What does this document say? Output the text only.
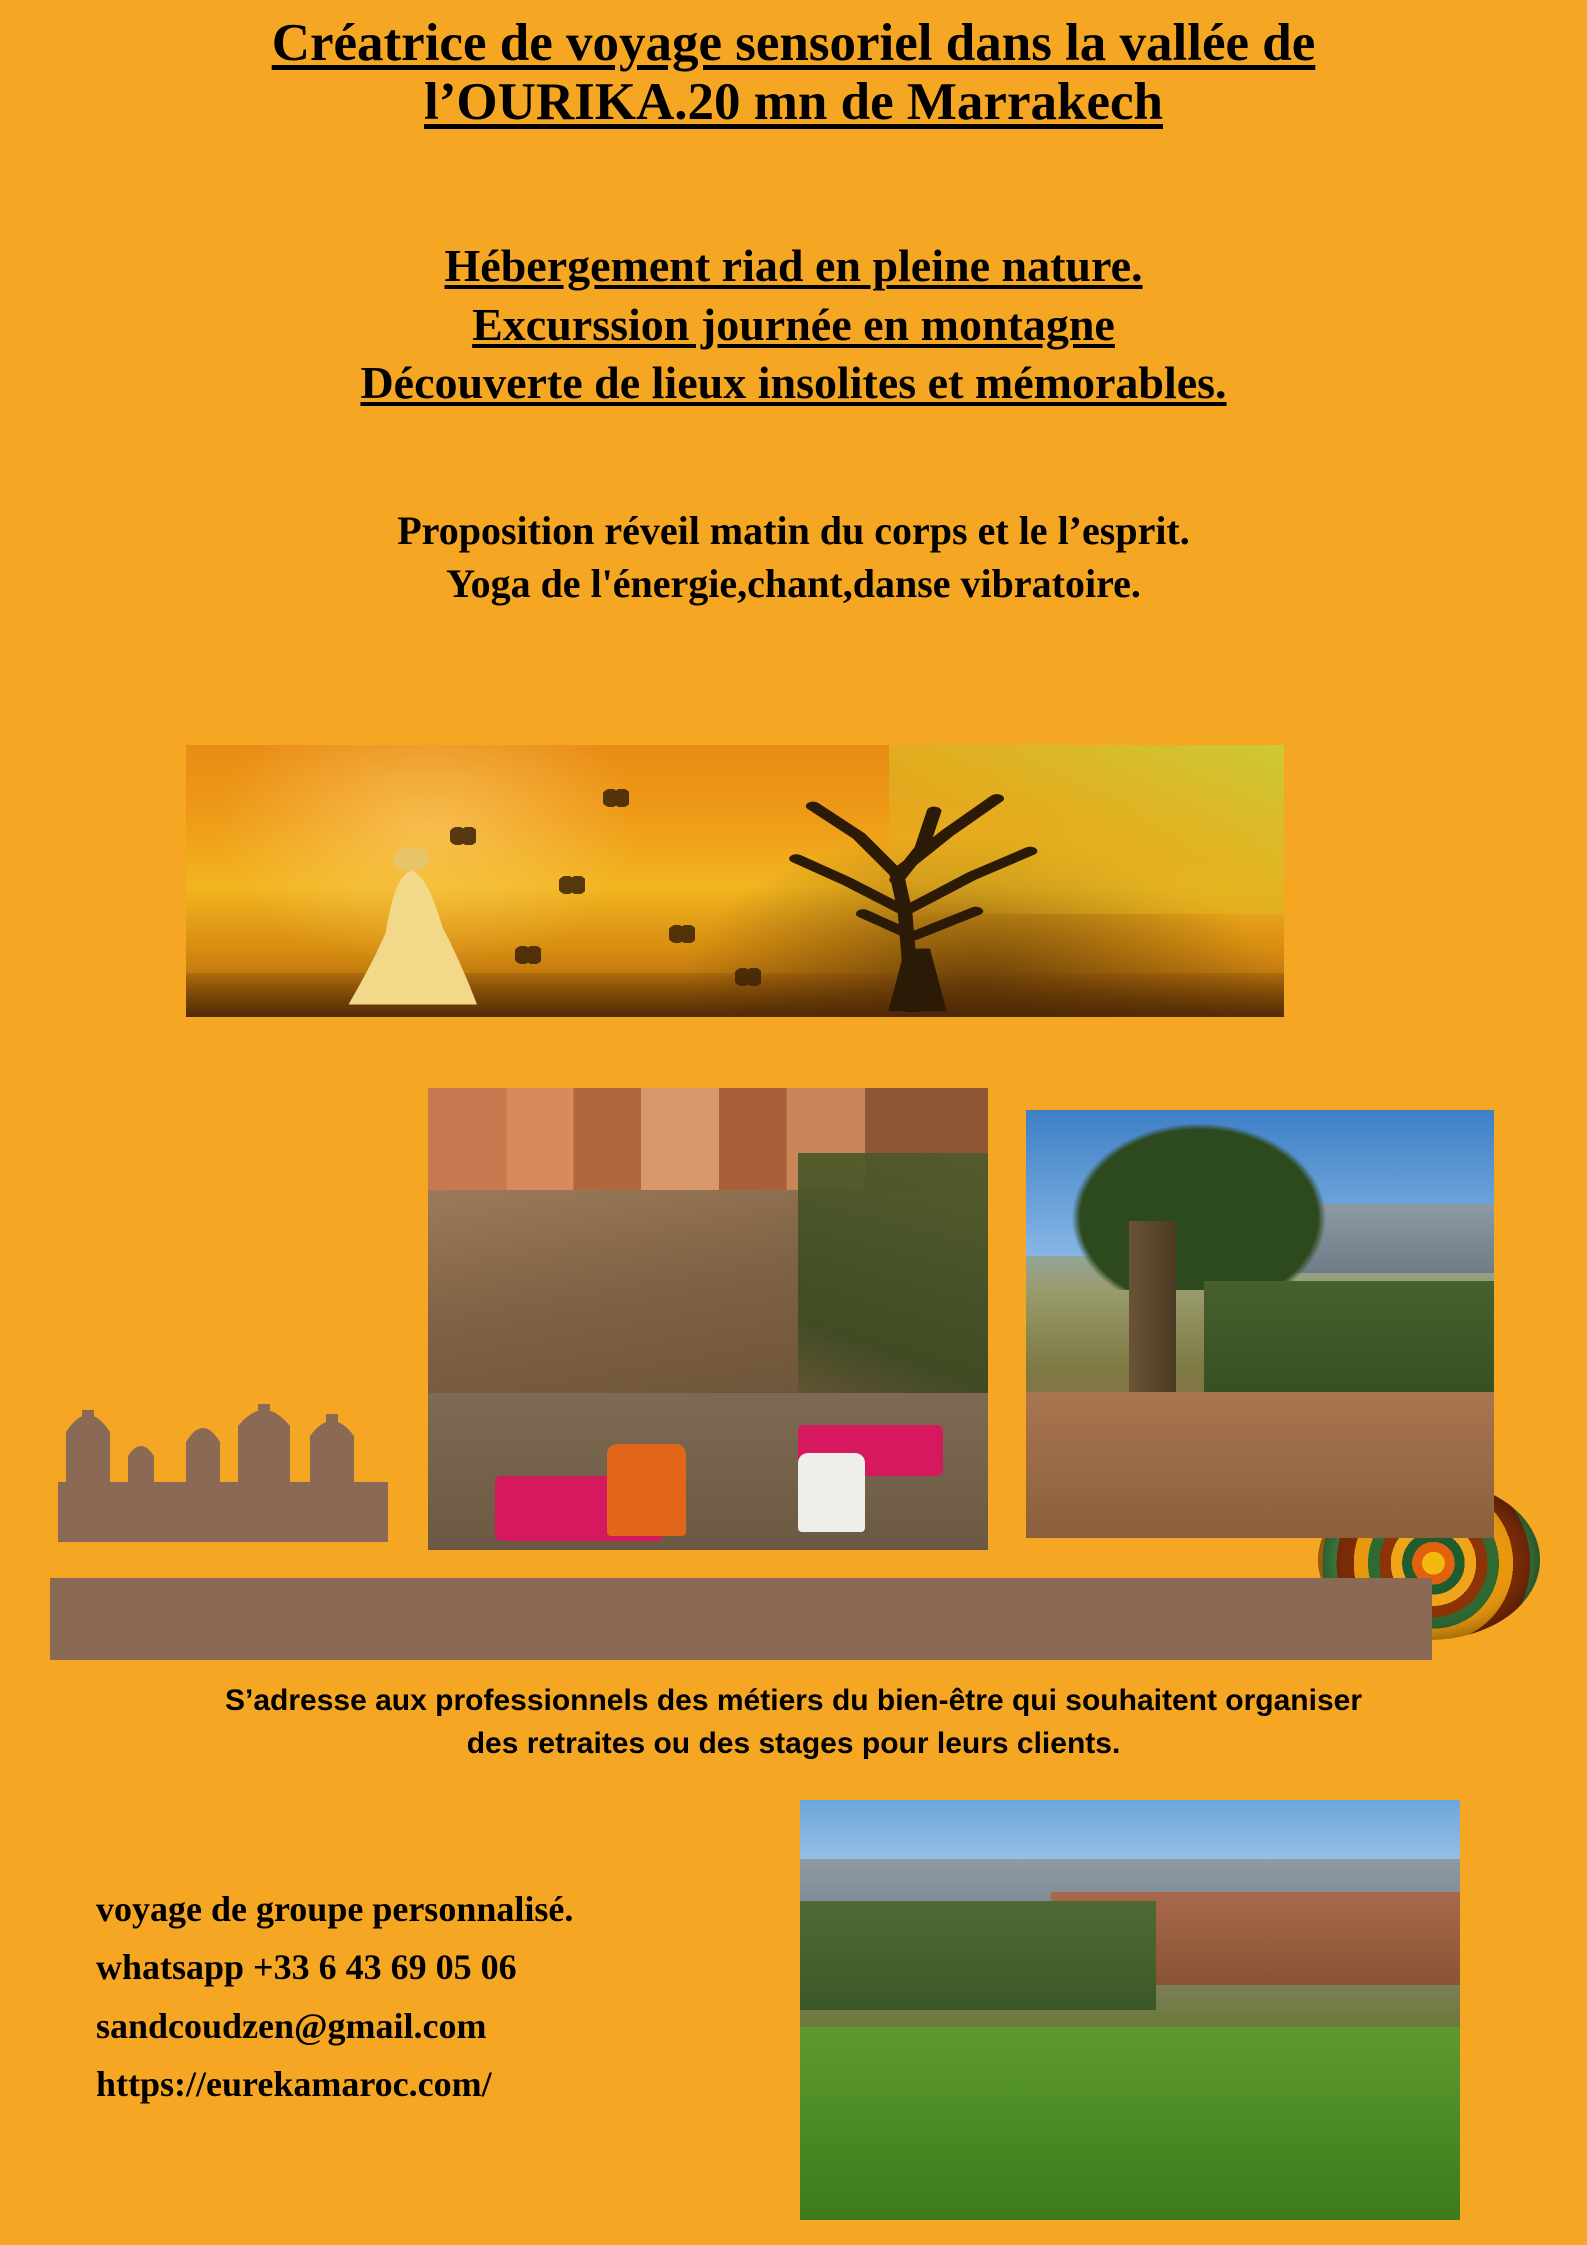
Créatrice de voyage sensoriel dans la vallée de
l’OURIKA.20 mn de Marrakech
Hébergement riad en pleine nature.
Excurssion journée en montagne
Découverte de lieux insolites et mémorables.
Proposition réveil matin du corps et le l’esprit.
Yoga de l'énergie,chant,danse vibratoire.
S’adresse aux professionnels des métiers du bien-être qui souhaitent organiser
des retraites ou des stages pour leurs clients.
voyage de groupe personnalisé.
whatsapp +33 6 43 69 05 06
sandcoudzen@gmail.com
https://eurekamaroc.com/
